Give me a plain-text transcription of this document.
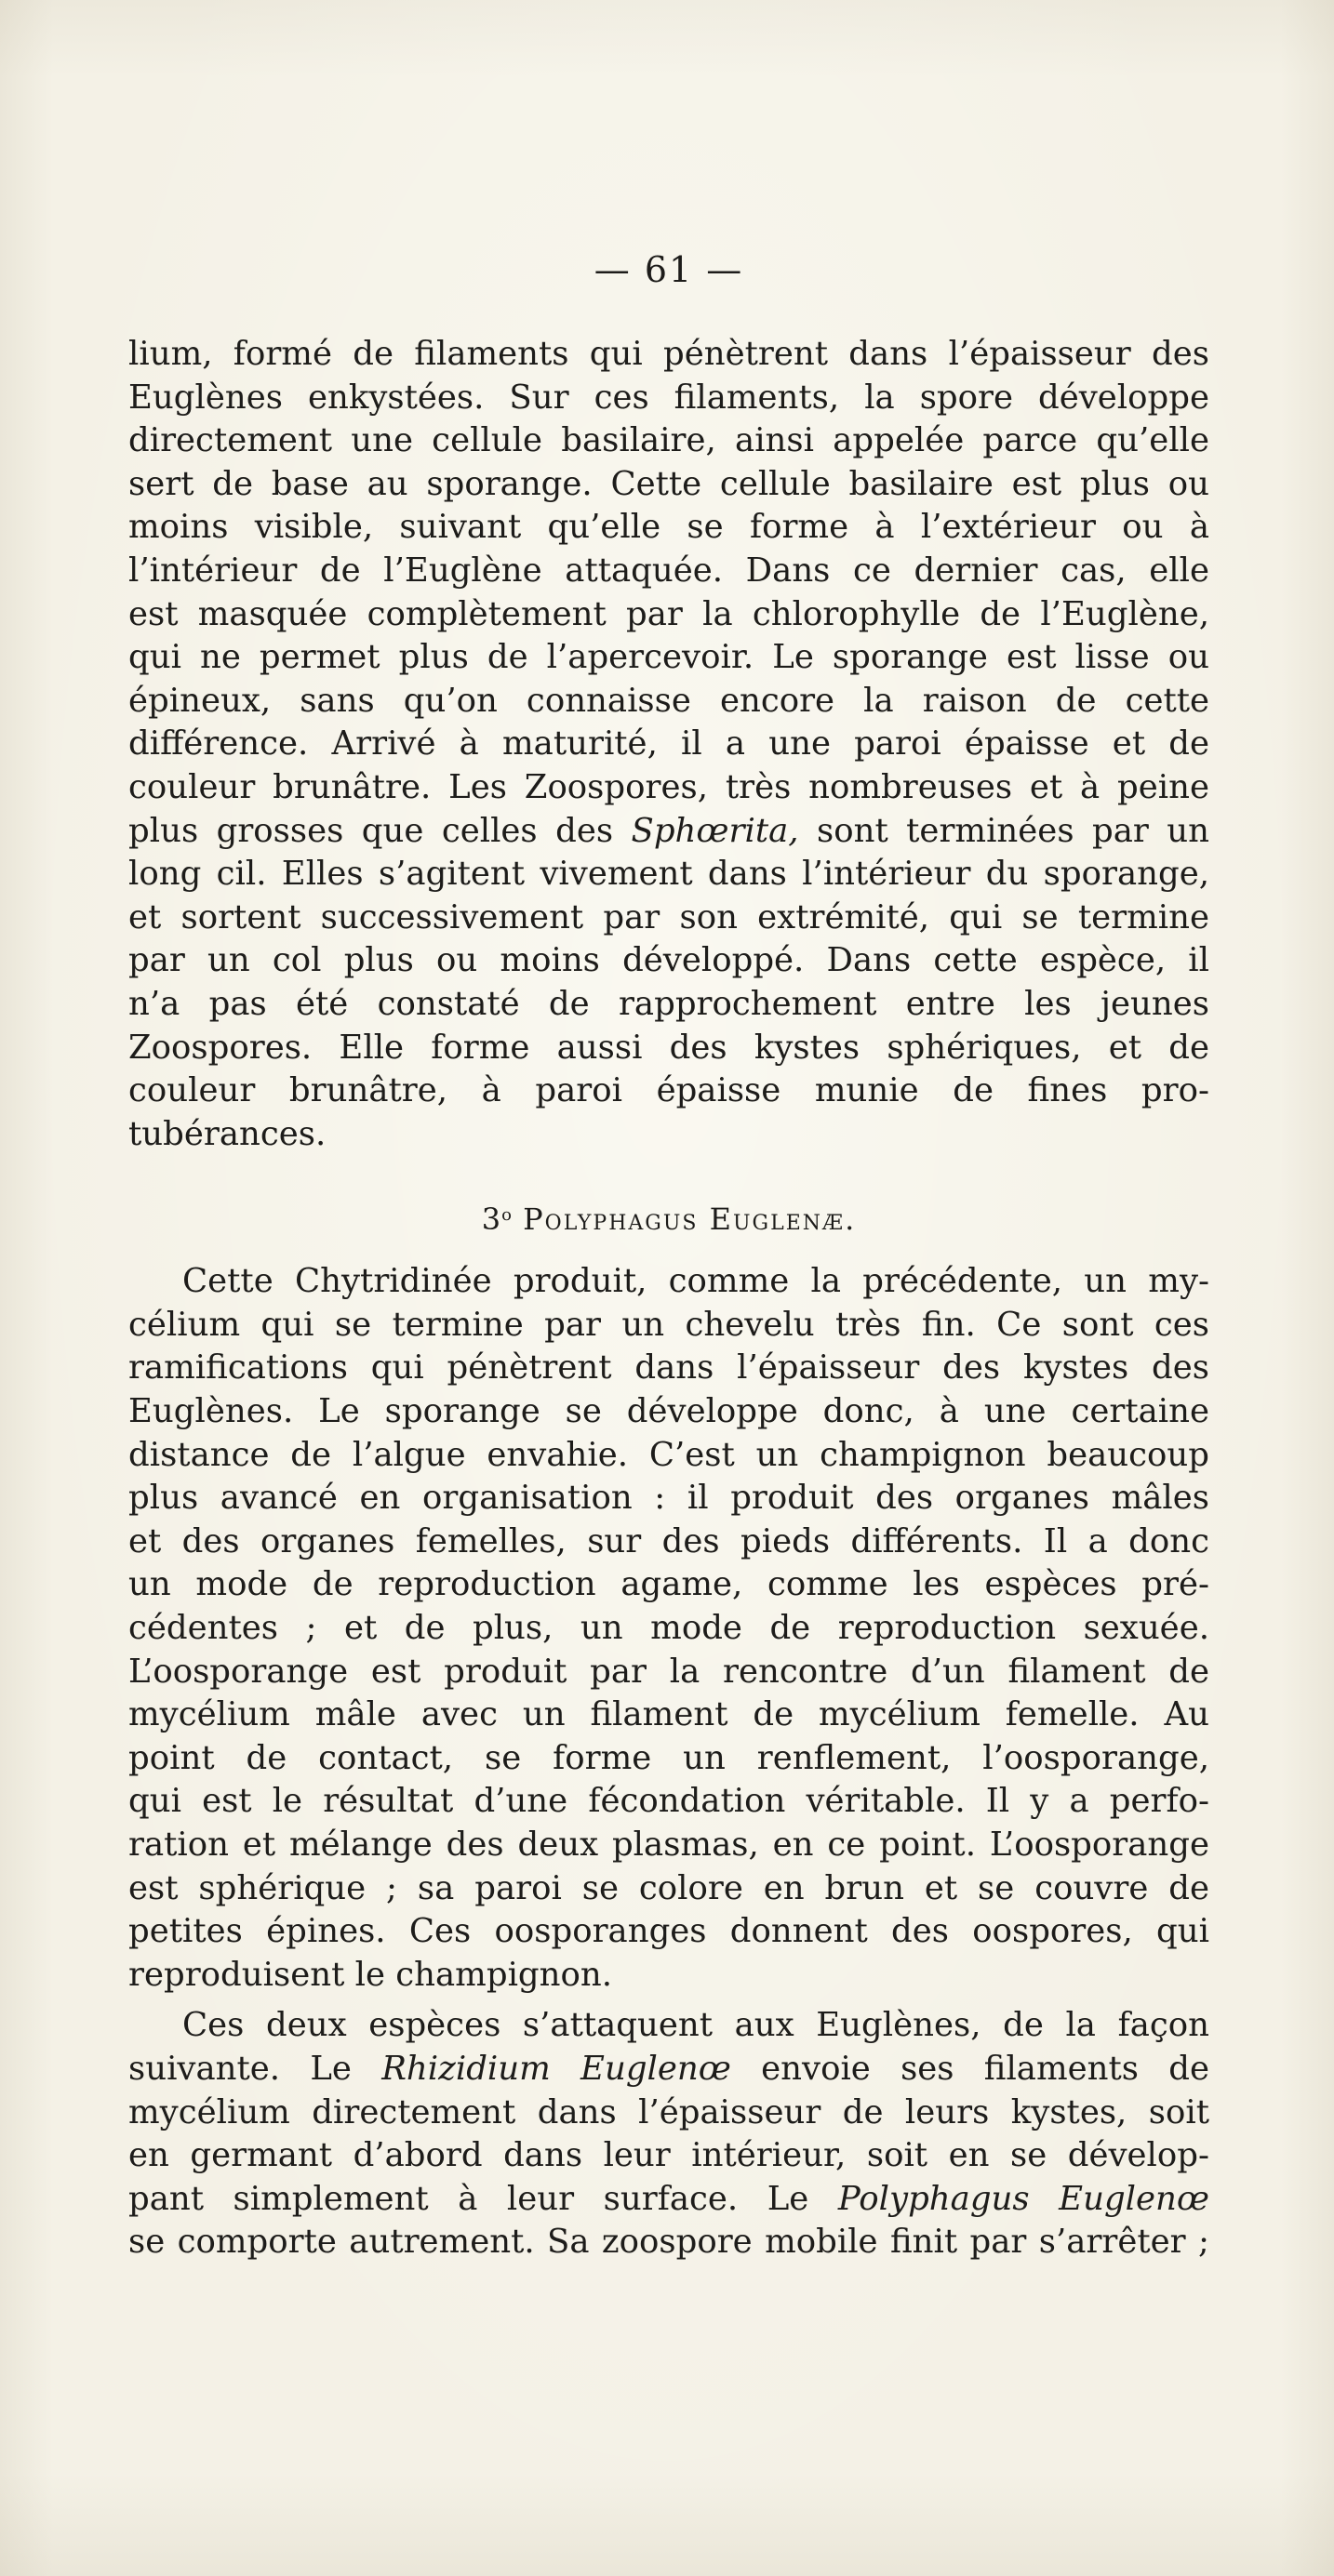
— 61 —
lium, formé de filaments qui pénètrent dans l’épaisseur des
Euglènes enkystées. Sur ces filaments, la spore développe
directement une cellule basilaire, ainsi appelée parce qu’elle
sert de base au sporange. Cette cellule basilaire est plus ou
moins visible, suivant qu’elle se forme à l’extérieur ou à
l’intérieur de l’Euglène attaquée. Dans ce dernier cas, elle
est masquée complètement par la chlorophylle de l’Euglène,
qui ne permet plus de l’apercevoir. Le sporange est lisse ou
épineux, sans qu’on connaisse encore la raison de cette
différence. Arrivé à maturité, il a une paroi épaisse et de
couleur brunâtre. Les Zoospores, très nombreuses et à peine
plus grosses que celles des Sphœrita, sont terminées par un
long cil. Elles s’agitent vivement dans l’intérieur du sporange,
et sortent successivement par son extrémité, qui se termine
par un col plus ou moins développé. Dans cette espèce, il
n’a pas été constaté de rapprochement entre les jeunes
Zoospores. Elle forme aussi des kystes sphériques, et de
couleur brunâtre, à paroi épaisse munie de fines pro-
tubérances.
3$^o$ Polyphagus Euglenæ.
Cette Chytridinée produit, comme la précédente, un my-
célium qui se termine par un chevelu très fin. Ce sont ces
ramifications qui pénètrent dans l’épaisseur des kystes des
Euglènes. Le sporange se développe donc, à une certaine
distance de l’algue envahie. C’est un champignon beaucoup
plus avancé en organisation : il produit des organes mâles
et des organes femelles, sur des pieds différents. Il a donc
un mode de reproduction agame, comme les espèces pré-
cédentes ; et de plus, un mode de reproduction sexuée.
L’oosporange est produit par la rencontre d’un filament de
mycélium mâle avec un filament de mycélium femelle. Au
point de contact, se forme un renflement, l’oosporange,
qui est le résultat d’une fécondation véritable. Il y a perfo-
ration et mélange des deux plasmas, en ce point. L’oosporange
est sphérique ; sa paroi se colore en brun et se couvre de
petites épines. Ces oosporanges donnent des oospores, qui
reproduisent le champignon.
Ces deux espèces s’attaquent aux Euglènes, de la façon
suivante. Le Rhizidium Euglenœ envoie ses filaments de
mycélium directement dans l’épaisseur de leurs kystes, soit
en germant d’abord dans leur intérieur, soit en se dévelop-
pant simplement à leur surface. Le Polyphagus Euglenœ
se comporte autrement. Sa zoospore mobile finit par s’arrêter ;
